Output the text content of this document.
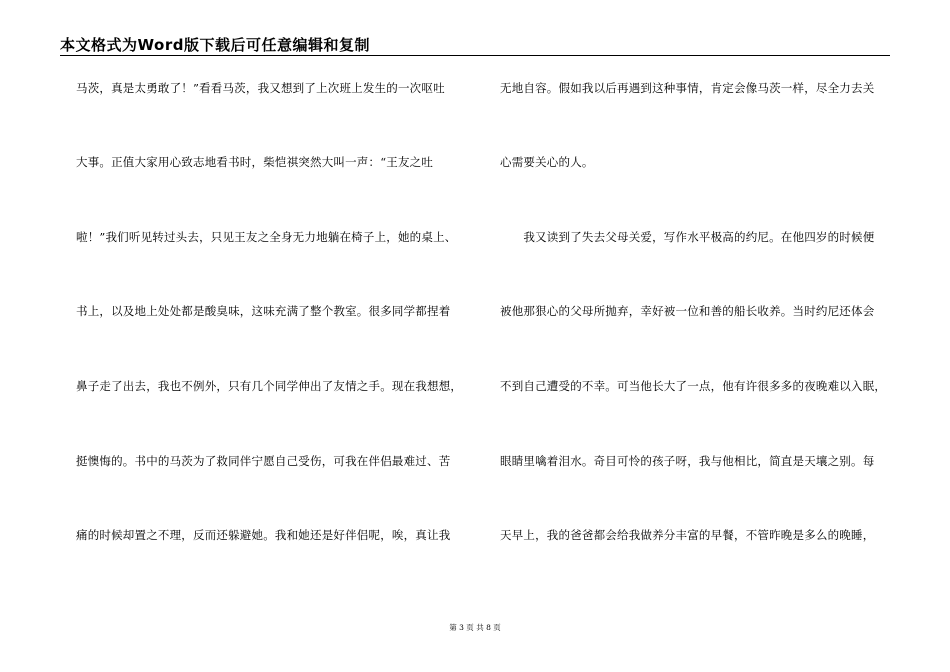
本文格式为Word版下载后可任意编辑和复制
马茨，真是太勇敢了！”看看马茨，我又想到了上次班上发生的一次呕吐
大事。正值大家用心致志地看书时，柴恺祺突然大叫一声：“王友之吐
啦！”我们听见转过头去，只见王友之全身无力地躺在椅子上，她的桌上、
书上，以及地上处处都是酸臭味，这味充满了整个教室。很多同学都捏着
鼻子走了出去，我也不例外，只有几个同学伸出了友情之手。现在我想想，
挺懊悔的。书中的马茨为了救同伴宁愿自己受伤，可我在伴侣最难过、苦
痛的时候却置之不理，反而还躲避她。我和她还是好伴侣呢，唉，真让我
无地自容。假如我以后再遇到这种事情，肯定会像马茨一样，尽全力去关
心需要关心的人。
　　我又读到了失去父母关爱，写作水平极高的约尼。在他四岁的时候便
被他那狠心的父母所抛弃，幸好被一位和善的船长收养。当时约尼还体会
不到自己遭受的不幸。可当他长大了一点，他有许很多多的夜晚难以入眠，
眼睛里噙着泪水。奇目可怜的孩子呀，我与他相比，简直是天壤之别。每
天早上，我的爸爸都会给我做养分丰富的早餐，不管昨晚是多么的晚睡，
第 3 页 共 8 页
